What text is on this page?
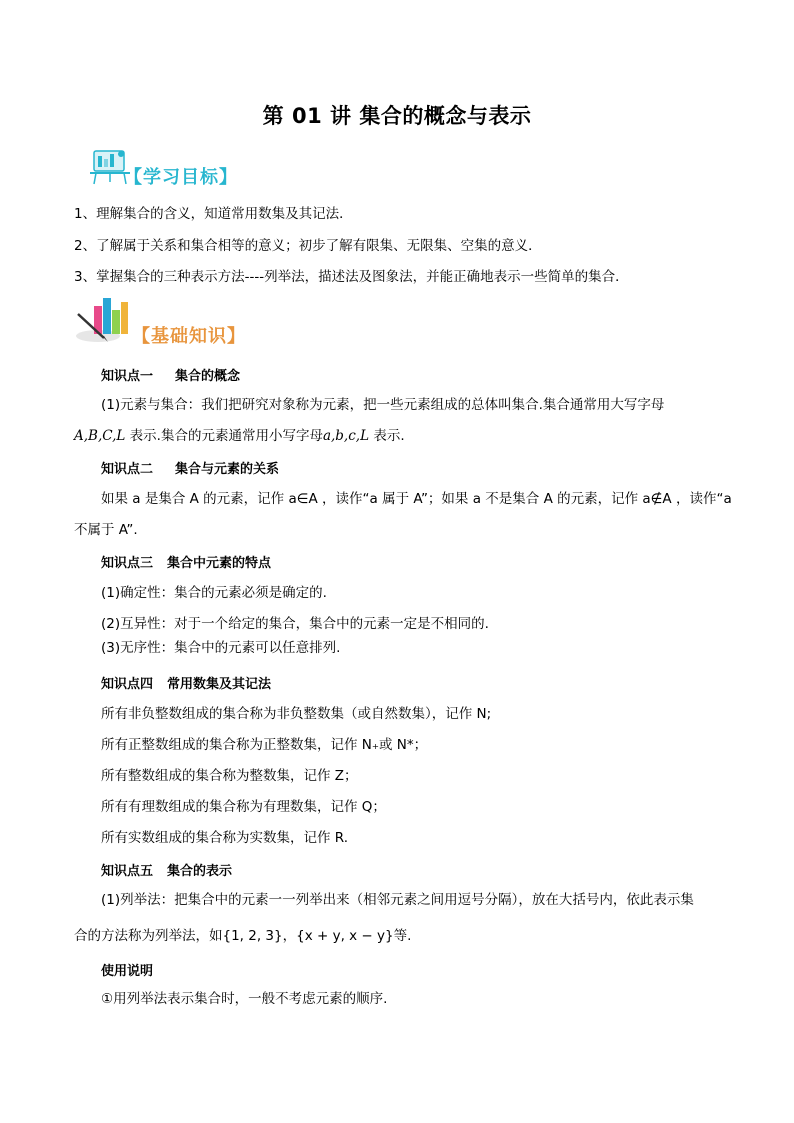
第 01 讲 集合的概念与表示
【学习目标】
1、理解集合的含义，知道常用数集及其记法．
2、了解属于关系和集合相等的意义；初步了解有限集、无限集、空集的意义．
3、掌握集合的三种表示方法----列举法，描述法及图象法，并能正确地表示一些简单的集合．
【基础知识】
知识点一 集合的概念
(1)元素与集合：我们把研究对象称为元素，把一些元素组成的总体叫集合.集合通常用大写字母
A,B,C,L 表示.集合的元素通常用小写字母a,b,c,L 表示.
知识点二 集合与元素的关系
如果 a 是集合 A 的元素，记作 a∈A ，读作“a 属于 A”；如果 a 不是集合 A 的元素，记作 a∉A ，读作“a
不属于 A”.
知识点三 集合中元素的特点
(1)确定性：集合的元素必须是确定的.
(2)互异性：对于一个给定的集合，集合中的元素一定是不相同的.
(3)无序性：集合中的元素可以任意排列.
知识点四 常用数集及其记法
所有非负整数组成的集合称为非负整数集（或自然数集），记作 N;
所有正整数组成的集合称为正整数集，记作 N₊或 N*；
所有整数组成的集合称为整数集，记作 Z；
所有有理数组成的集合称为有理数集，记作 Q；
所有实数组成的集合称为实数集，记作 R.
知识点五 集合的表示
(1)列举法：把集合中的元素一一列举出来（相邻元素之间用逗号分隔），放在大括号内，依此表示集
合的方法称为列举法，如{1, 2, 3}，{x + y, x − y}等.
使用说明
①用列举法表示集合时，一般不考虑元素的顺序.
